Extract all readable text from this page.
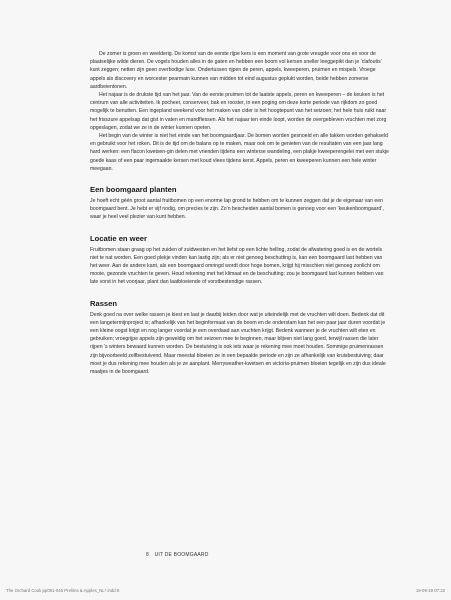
De zomer is groen en weelderig. De komst van de eerste rijpe kers is een moment van grote vreugde voor ons en voor de plaatselijke wilde dieren. De vogels houden alles in de gaten en hebben een boom vol kersen sneller leeggepikt dan je ‘clafoutis’ kunt zeggen; netten zijn geen overbodige luxe. Ondertussen rijpen de peren, appels, kweeperen, pruimen en mispels. Vroege appels als discovery en worcester pearmain kunnen van midden tot eind augustus geplukt worden, beide hebben zomerse aardbeientonen.

Het najaar is de drukste tijd van het jaar. Van de eerste pruimen tot de laatste appels, peren en kweeperen – de keuken is het centrum van alle activiteiten. Ik pocheer, conserveer, bak en rooster, in een poging om deze korte periode van rijkdom zo goed mogelijk te benutten. Een ingepland weekend voor het maken van cider is het hoogtepunt van het seizoen; het hele huis ruikt naar het frisszure appelsap dat gist in vaten en mandflessen. Als het najaar ten einde loopt, worden de overgebleven vruchten met zorg opgeslagen, zodat we ze in de winter kunnen opeten.

Het begin van de winter is niet het einde van het boomgaardjaar. De bomen worden gesnoeid en alle takken worden gehakseld en gebruikt voor het roken. Dit is de tijd om de balans op te maken, maar ook om te genieten van de resultaten van een jaar lang hard werken: een flacon kwetsen-gin delen met vrienden tijdens een winterse wandeling, een plakje kweeperengelei met een stukje goede kaas of een paar ingemaakte kersen met koud vlees tijdens kerst. Appels, peren en kweeperen kunnen een hele winter meegaan.

Een boomgaard planten

Je hoeft echt géén groot aantal fruitbomen op een enorme lap grond te hebben om te kunnen zeggen dat je de eigenaar van een boomgaard bent. Je hebt er vijf nodig, om precies te zijn. Zo’n bescheiden aantal bomen is genoeg voor een ‘keukenboomgaard’, waar je heel veel plezier van kunt hebben.

Locatie en weer

Fruitbomen staan graag op het zuiden of zuidwesten en het liefst op een lichte helling, zodat de afwatering goed is en de wortels niet te nat worden. Een goed plekje vinden kan lastig zijn; als er niet genoeg beschutting is, kan een boomgaard last hebben van het weer. Aan de andere kant, als een boomgaard omringd wordt door hoge bomen, krijgt hij misschien niet genoeg zonlicht om mooie, gezonde vruchten te geven. Houd rekening met het klimaat en de beschutting; zou je boomgaard last kunnen hebben van late vorst in het voorjaar, plant dan laatbloeiende of vorstbestendige rassen.

Rassen

Denk goed na over welke rassen je kiest en laat je daarbij leiden door wat je uiteindelijk met de vruchten wilt doen. Bedenk dat dit een langetermijnproject is; afhankelijk van het beginformaat van de boom en de onderstam kan het een paar jaar duren voordat je een kleine oogst krijgt en nog langer voordat je een overdaad aan vruchten krijgt. Bedenk wanneer je de vruchten wilt eten en gebruiken; vroegrijpe appels zijn geweldig om het seizoen mee te beginnen, maar blijven niet lang goed, terwijl rassen die later rijpen ’s winters bewaard kunnen worden. De bestuiving is ook iets waar je rekening mee moet houden. Sommige pruimenrassen zijn bijvoorbeeld zelfbestuivend. Maar meestal bloeien ze in een bepaalde periode en zijn ze afhankelijk van kruisbestuiving; daar moet je dus rekening mee houden als je ze aanplant. Merryweather-kwetsen en victoria-pruimen bloeien tegelijk en zijn dus ideale maatjes in de boomgaard.

8 UIT DE BOOMGAARD
The Orchard Cook pp001-045 Prelims & Apples_NL*.indd 8	19-09-19 07:22
